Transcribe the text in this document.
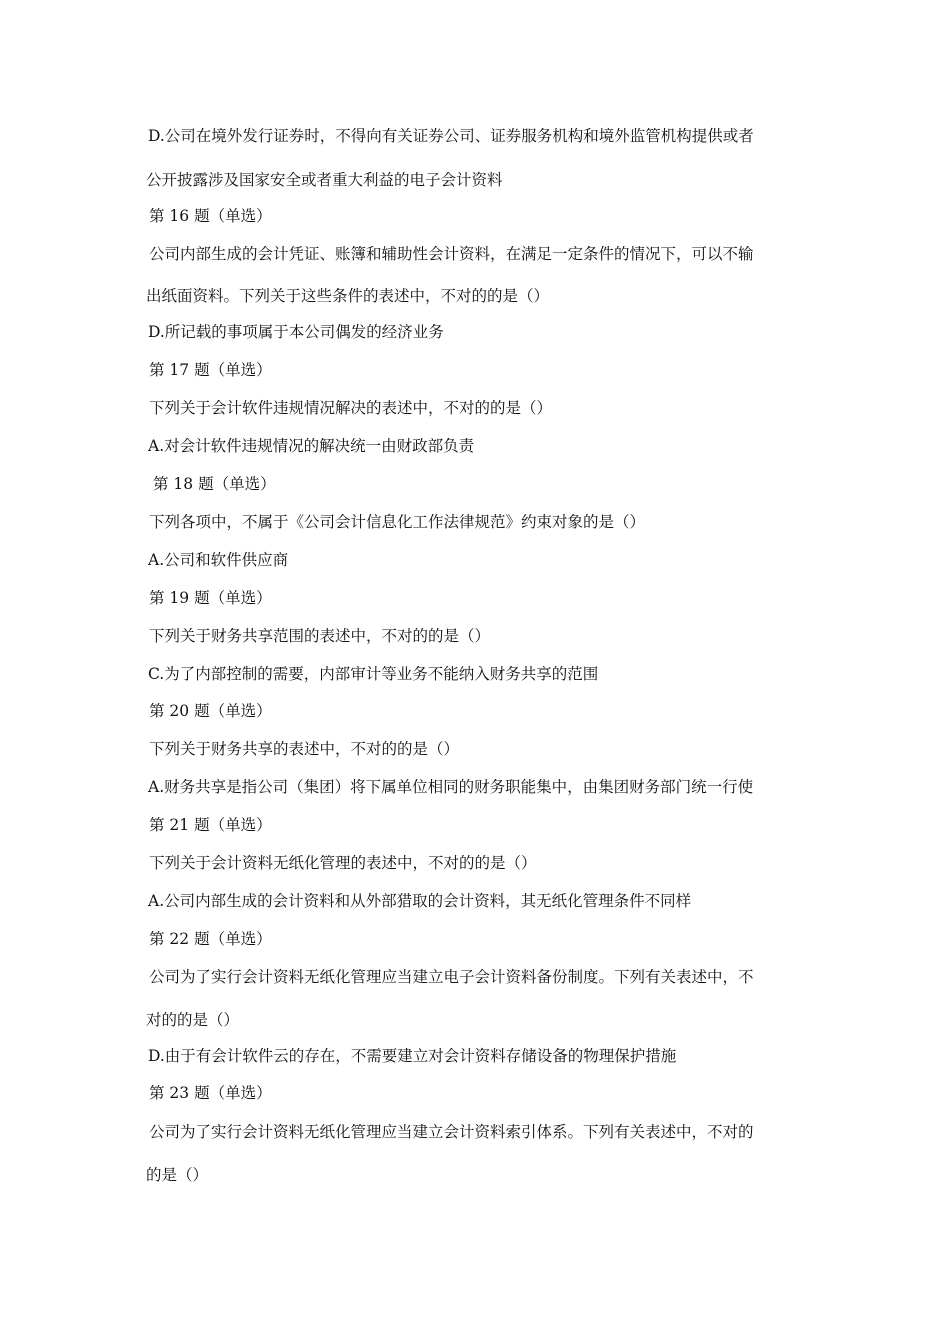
D.公司在境外发行证券时，不得向有关证券公司、证券服务机构和境外监管机构提供或者
公开披露涉及国家安全或者重大利益的电子会计资料
第 16 题（单选）
公司内部生成的会计凭证、账簿和辅助性会计资料，在满足一定条件的情况下，可以不输
出纸面资料。下列关于这些条件的表述中，不对的的是（）
D.所记载的事项属于本公司偶发的经济业务
第 17 题（单选）
下列关于会计软件违规情况解决的表述中，不对的的是（）
A.对会计软件违规情况的解决统一由财政部负责
第 18 题（单选）
下列各项中，不属于《公司会计信息化工作法律规范》约束对象的是（）
A.公司和软件供应商
第 19 题（单选）
下列关于财务共享范围的表述中，不对的的是（）
C.为了内部控制的需要，内部审计等业务不能纳入财务共享的范围
第 20 题（单选）
下列关于财务共享的表述中，不对的的是（）
A.财务共享是指公司（集团）将下属单位相同的财务职能集中，由集团财务部门统一行使
第 21 题（单选）
下列关于会计资料无纸化管理的表述中，不对的的是（）
A.公司内部生成的会计资料和从外部猎取的会计资料，其无纸化管理条件不同样
第 22 题（单选）
公司为了实行会计资料无纸化管理应当建立电子会计资料备份制度。下列有关表述中，不
对的的是（）
D.由于有会计软件云的存在，不需要建立对会计资料存储设备的物理保护措施
第 23 题（单选）
公司为了实行会计资料无纸化管理应当建立会计资料索引体系。下列有关表述中，不对的
的是（）
